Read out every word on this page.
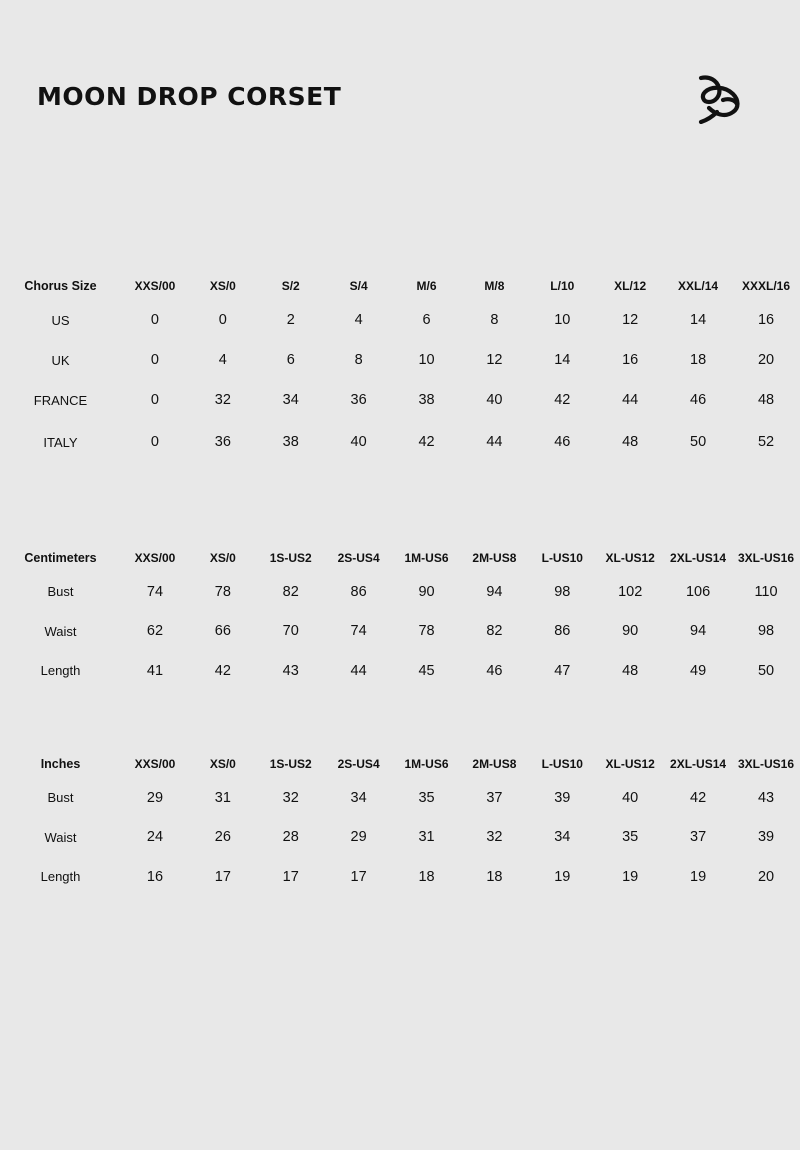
MOON DROP CORSET
Chorus Size	XXS/00	XS/0	S/2	S/4	M/6	M/8	L/10	XL/12	XXL/14	XXXL/16
US	0	0	2	4	6	8	10	12	14	16
UK	0	4	6	8	10	12	14	16	18	20
FRANCE	0	32	34	36	38	40	42	44	46	48
ITALY	0	36	38	40	42	44	46	48	50	52
Centimeters	XXS/00	XS/0	1S-US2	2S-US4	1M-US6	2M-US8	L-US10	XL-US12	2XL-US14	3XL-US16
Bust	74	78	82	86	90	94	98	102	106	110
Waist	62	66	70	74	78	82	86	90	94	98
Length	41	42	43	44	45	46	47	48	49	50
Inches	XXS/00	XS/0	1S-US2	2S-US4	1M-US6	2M-US8	L-US10	XL-US12	2XL-US14	3XL-US16
Bust	29	31	32	34	35	37	39	40	42	43
Waist	24	26	28	29	31	32	34	35	37	39
Length	16	17	17	17	18	18	19	19	19	20
